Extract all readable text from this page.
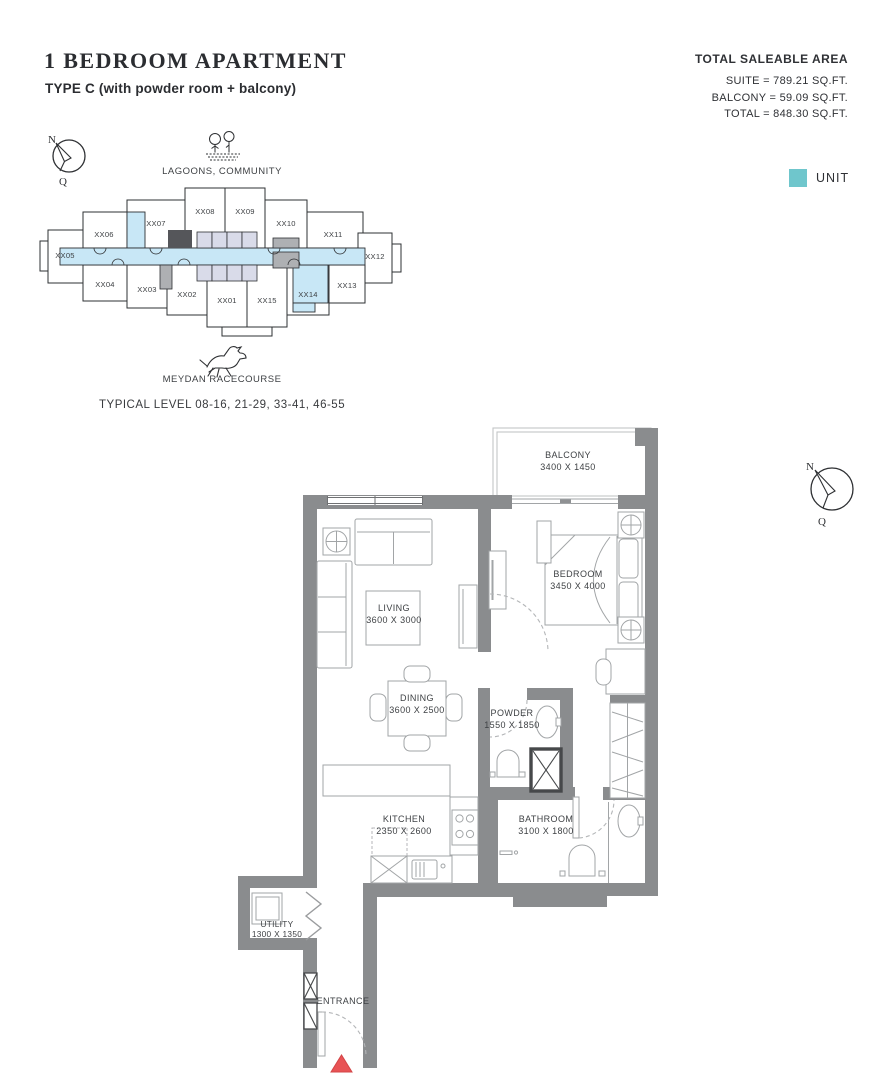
1 BEDROOM APARTMENT
TYPE C (with powder room + balcony)
TOTAL SALEABLE AREA
SUITE = 789.21 SQ.FT.
BALCONY = 59.09 SQ.FT.
TOTAL = 848.30 SQ.FT.
UNIT
TYPICAL LEVEL 08-16, 21-29, 33-41, 46-55
N
Q
LAGOONS, COMMUNITY
XX05
XX06
XX07
XX08	XX09
XX10
XX11
XX12
XX04
XX03
XX02
XX01	XX15
XX14
XX13
MEYDAN RACECOURSE
BALCONY
3400 X 1450
BEDROOM
3450 X 4000
LIVING
3600 X 3000
DINING
3600 X 2500	POWDER
1550 X 1850
KITCHEN
2350 X 2600
BATHROOM
3100 X 1800
UTILITY
1300 X 1350
ENTRANCE
N
Q
